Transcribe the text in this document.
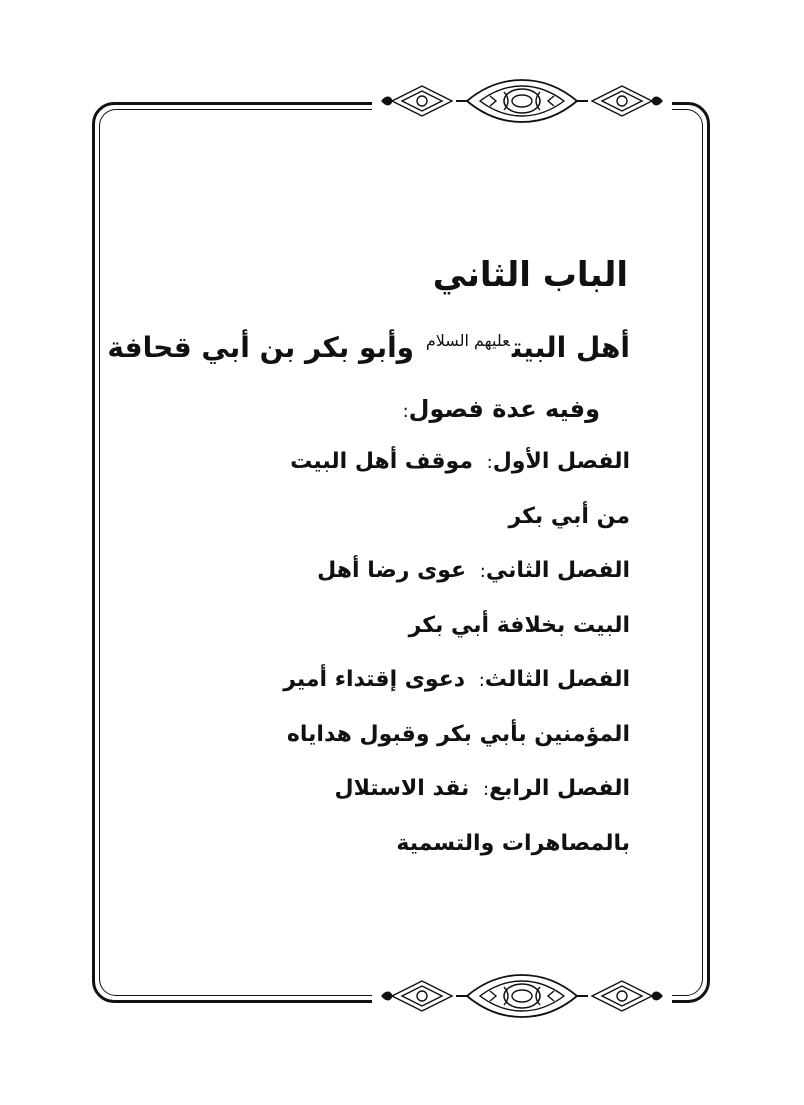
الباب الثاني
أهل البيت$^{عليهم السلام}$ وأبو بكر بن أبي قحافة
وفيه عدة فصول:
الفصل الأول: موقف أهل البيت من أبي بكر
الفصل الثاني: عوى رضا أهل البيت بخلافة أبي بكر
الفصل الثالث: دعوى إقتداء أمير المؤمنين بأبي بكر وقبول هداياه
الفصل الرابع: نقد الاستلال بالمصاهرات والتسمية
